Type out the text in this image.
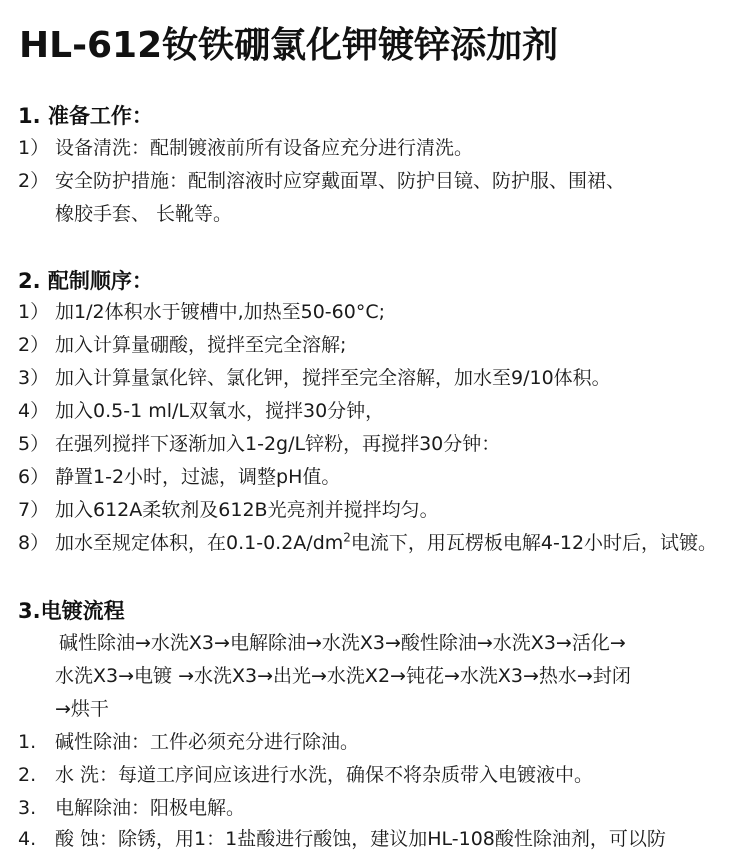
HL-612钕铁硼氯化钾镀锌添加剂
1. 准备工作：
1） 设备清洗：配制镀液前所有设备应充分进行清洗。
2） 安全防护措施：配制溶液时应穿戴面罩、防护目镜、防护服、围裙、
橡胶手套、 长靴等。
2. 配制顺序：
1） 加1/2体积水于镀槽中,加热至50-60°C;
2） 加入计算量硼酸，搅拌至完全溶解;
3） 加入计算量氯化锌、氯化钾，搅拌至完全溶解，加水至9/10体积。
4） 加入0.5-1 ml/L双氧水，搅拌30分钟，
5） 在强列搅拌下逐渐加入1-2g/L锌粉，再搅拌30分钟：
6） 静置1-2小时，过滤，调整pH值。
7） 加入612A柔软剂及612B光亮剂并搅拌均匀。
8） 加水至规定体积，在$0.1-0.2A/dm^2$电流下，用瓦楞板电解4-12小时后，试镀。
3.电镀流程
碱性除油→水洗X3→电解除油→水洗X3→酸性除油→水洗X3→活化→
水洗X3→电镀 →水洗X3→出光→水洗X2→钝花→水洗X3→热水→封闭
→烘干
1. 碱性除油：工件必须充分进行除油。
2. 水 洗：每道工序间应该进行水洗，确保不将杂质带入电镀液中。
3. 电解除油：阳极电解。
4. 酸 蚀：除锈，用1：1盐酸进行酸蚀，建议加HL-108酸性除油剂，可以防
